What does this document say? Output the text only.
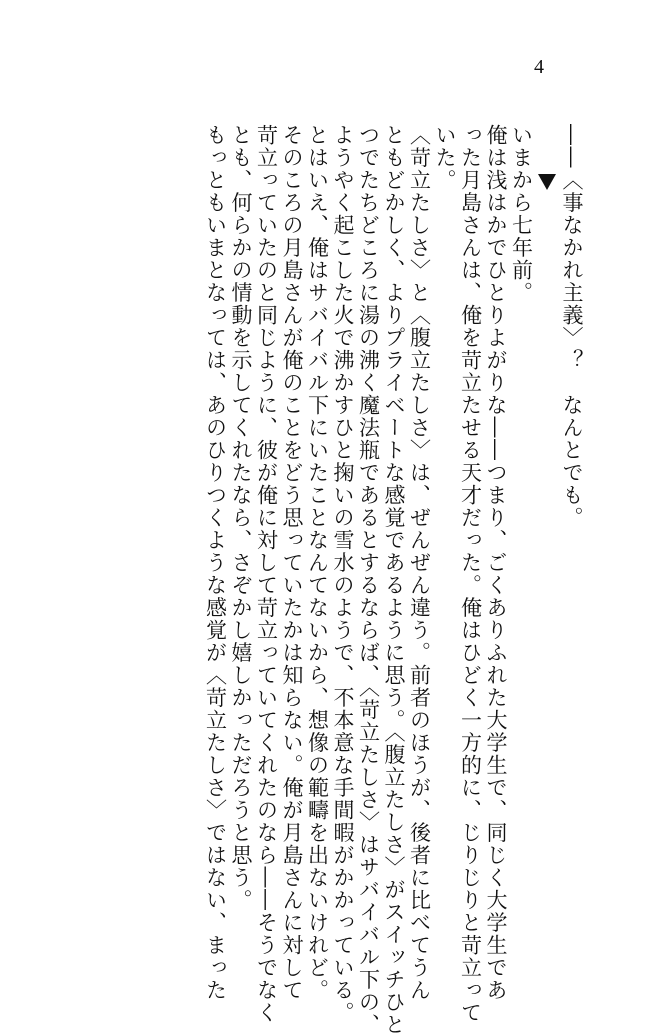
4

――〈事なかれ主義〉？　なんとでも。

いまから七年前。

俺は浅はかでひとりよがりな――つまり、ごくありふれた大学生で、同じく大学生であ

った月島さんは、俺を苛立たせる天才だった。俺はひどく一方的に、じりじりと苛立って

いた。

〈苛立たしさ〉と〈腹立たしさ〉は、ぜんぜん違う。前者のほうが、後者に比べてうん

ともどかしく、よりプライベートな感覚であるように思う。〈腹立たしさ〉がスイッチひと

つでたちどころに湯の沸く魔法瓶であるとするならば、〈苛立たしさ〉はサバイバル下の、

ようやく起こした火で沸かすひと掬いの雪水のようで、不本意な手間暇がかかっている。

とはいえ、俺はサバイバル下にいたことなんてないから、想像の範疇を出ないけれど。

そのころの月島さんが俺のことをどう思っていたかは知らない。俺が月島さんに対して

苛立っていたのと同じように、彼が俺に対して苛立っていてくれたのなら――そうでなく

とも、何らかの情動を示してくれたなら、さぞかし嬉しかっただろうと思う。

もっともいまとなっては、あのひりつくような感覚が〈苛立たしさ〉ではない、まった
